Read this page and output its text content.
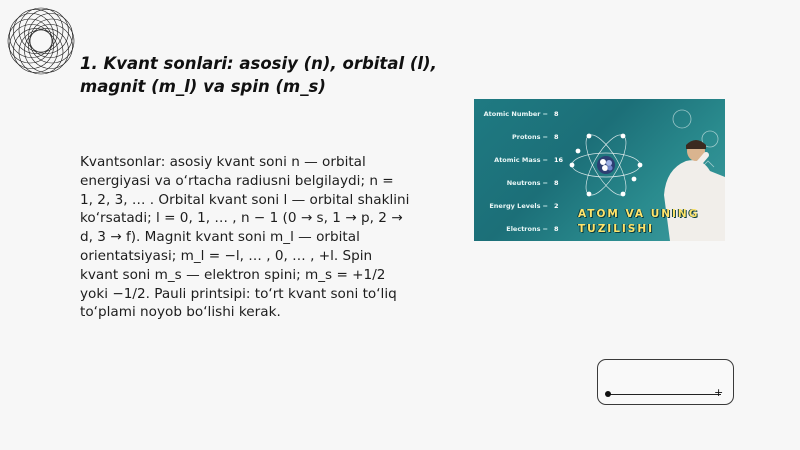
1. Kvant sonlari: asosiy (n), orbital (l),
magnit (m_l) va spin (m_s)
Kvantsonlar: asosiy kvant soni n — orbital energiyasi va o‘rtacha radiusni belgilaydi; n = 1, 2, 3, … . Orbital kvant soni l — orbital shaklini ko‘rsatadi; l = 0, 1, … , n − 1 (0 → s, 1 → p, 2 → d, 3 → f). Magnit kvant soni m_l — orbital orientatsiyasi; m_l = −l, … , 0, … , +l. Spin kvant soni m_s — elektron spini; m_s = +1/2 yoki −1/2. Pauli printsipi: to‘rt kvant soni to‘liq to‘plami noyob bo‘lishi kerak.
Atomic Number =	8
Protons =	8
Atomic Mass =	16
Neutrons =	8
Energy Levels =	2
Electrons =	8
ATOM VA UNING
TUZILISHI
+
